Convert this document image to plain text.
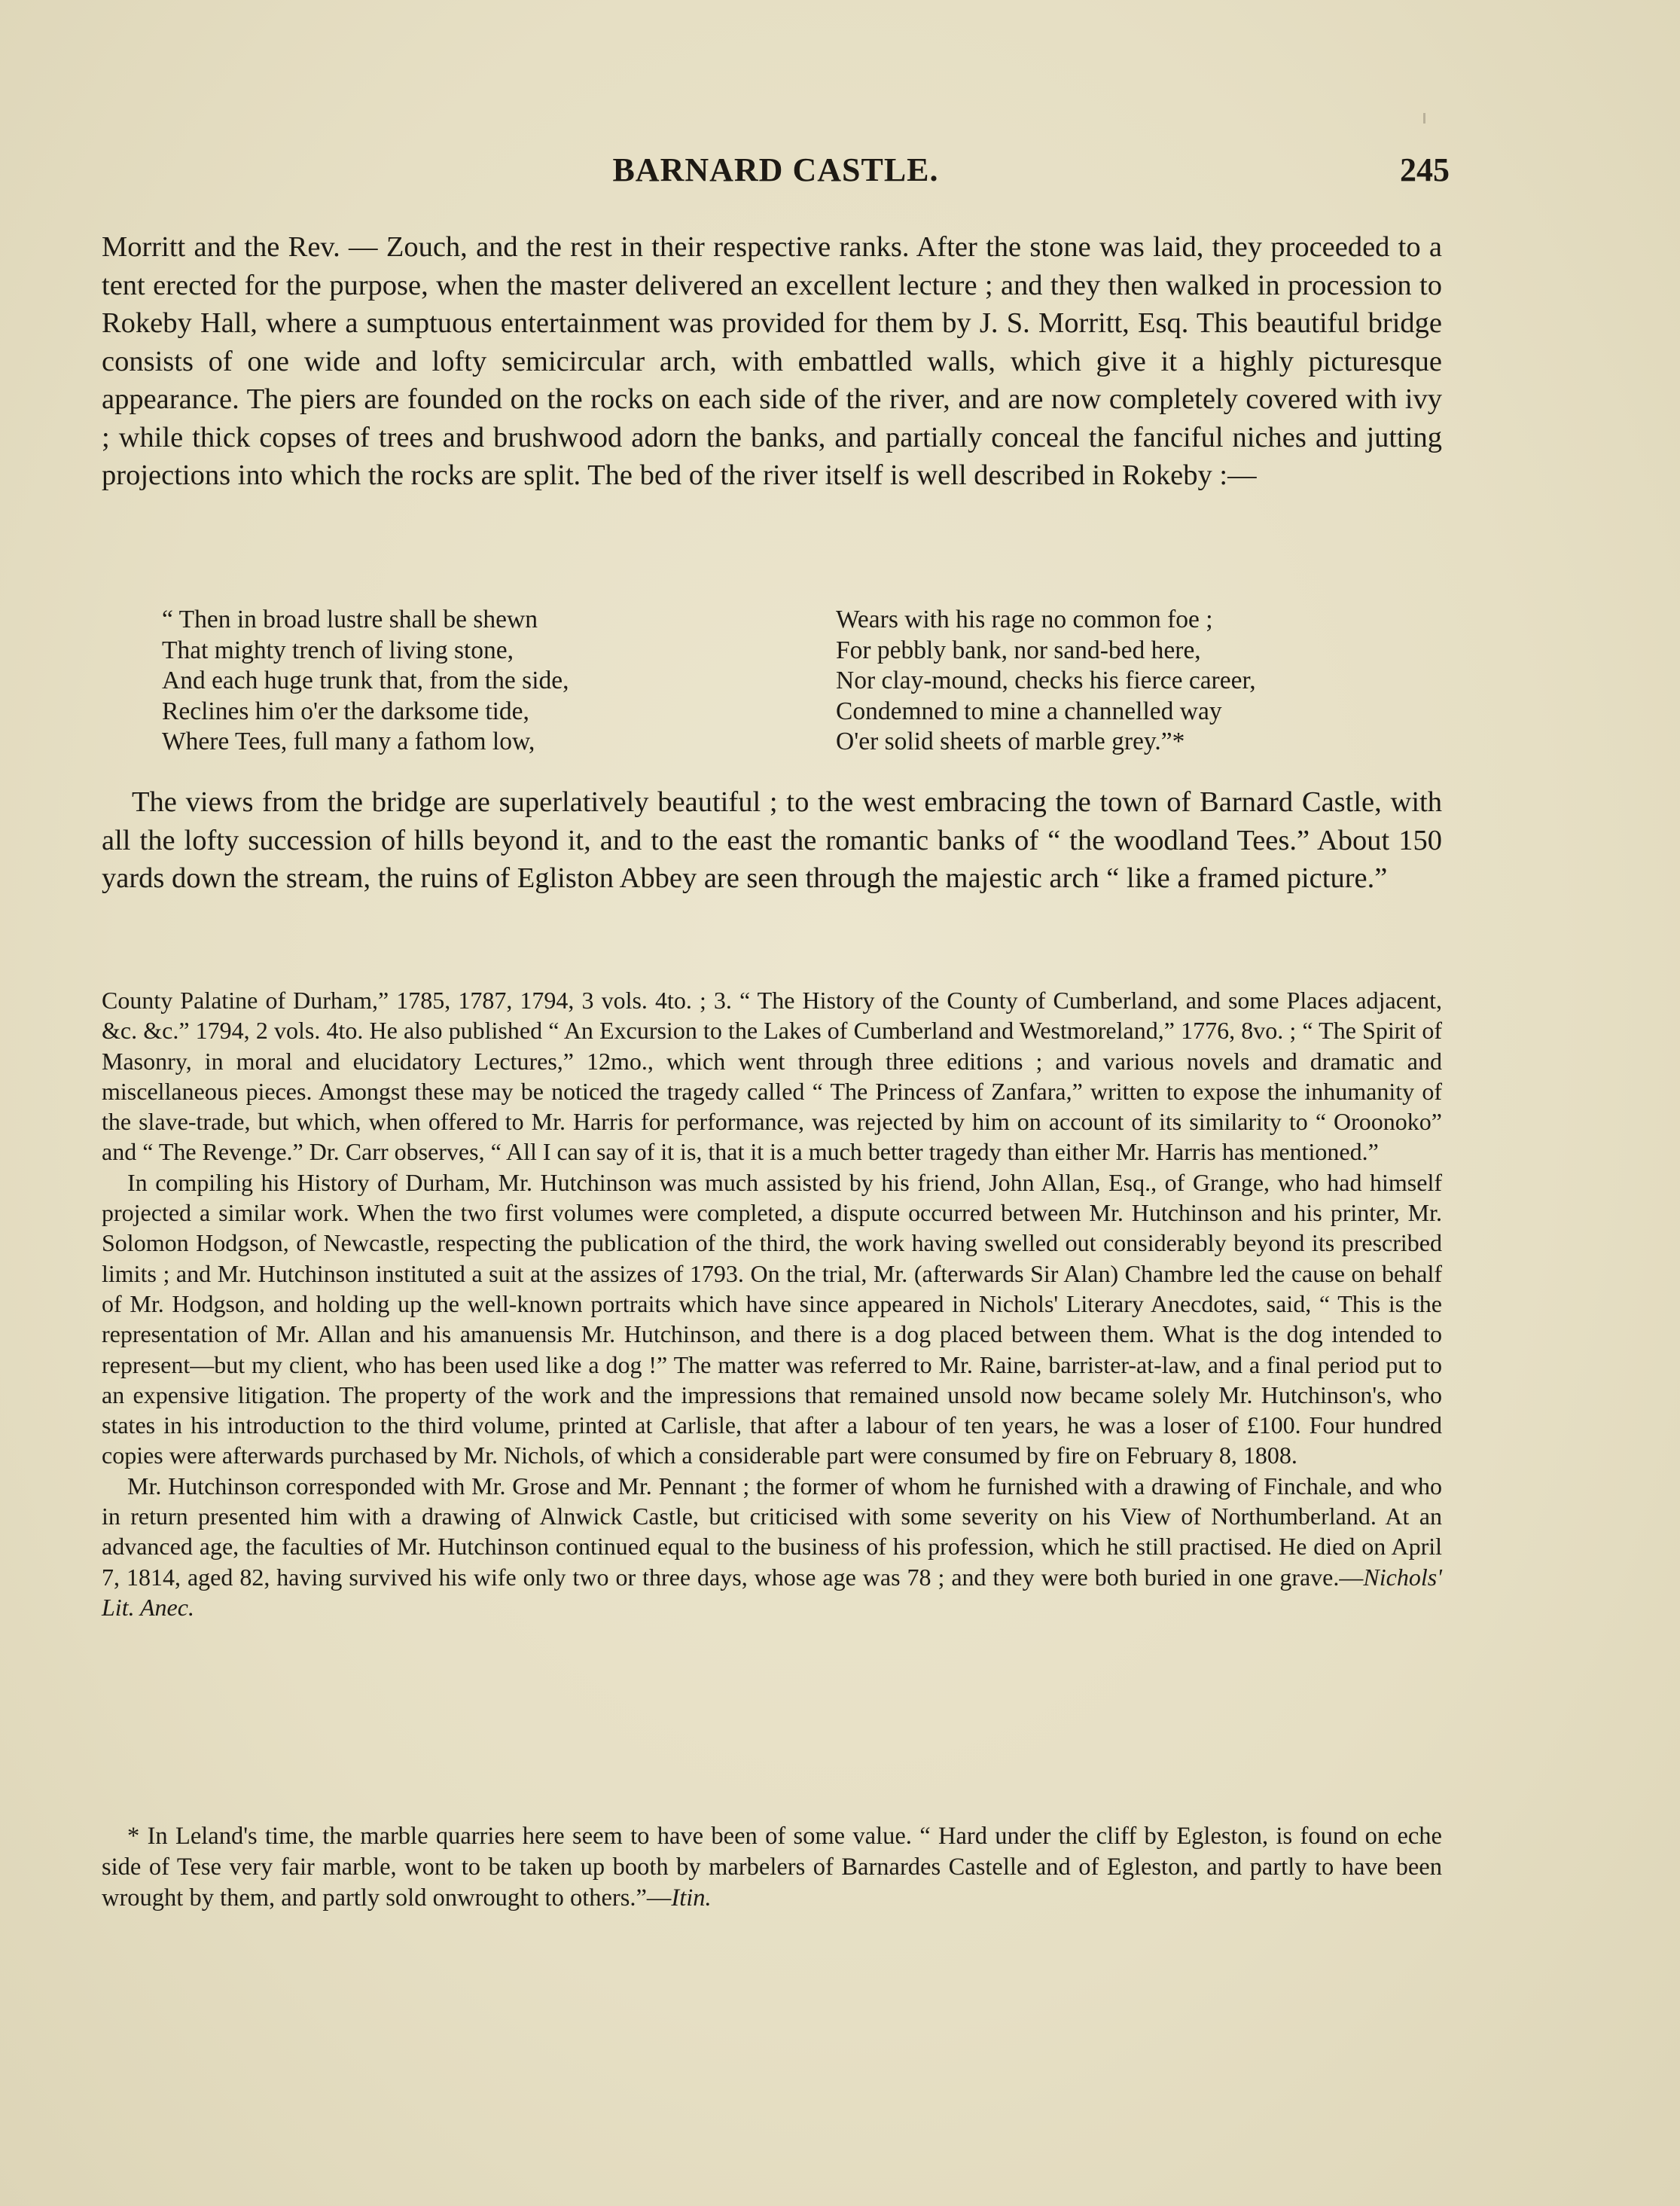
BARNARD CASTLE.	245

Morritt and the Rev. — Zouch, and the rest in their respective ranks. After the stone was laid, they proceeded to a tent erected for the purpose, when the master delivered an excellent lecture ; and they then walked in procession to Rokeby Hall, where a sumptuous entertainment was provided for them by J. S. Morritt, Esq. This beautiful bridge consists of one wide and lofty semicircular arch, with embattled walls, which give it a highly picturesque appearance. The piers are founded on the rocks on each side of the river, and are now completely covered with ivy ; while thick copses of trees and brushwood adorn the banks, and partially conceal the fanciful niches and jutting projections into which the rocks are split. The bed of the river itself is well described in Rokeby :—

“ Then in broad lustre shall be shewn
That mighty trench of living stone,
And each huge trunk that, from the side,
Reclines him o'er the darksome tide,
Where Tees, full many a fathom low,
Wears with his rage no common foe ;
For pebbly bank, nor sand-bed here,
Nor clay-mound, checks his fierce career,
Condemned to mine a channelled way
O'er solid sheets of marble grey.”*

The views from the bridge are superlatively beautiful ; to the west embracing the town of Barnard Castle, with all the lofty succession of hills beyond it, and to the east the romantic banks of “ the woodland Tees.” About 150 yards down the stream, the ruins of Egliston Abbey are seen through the majestic arch “ like a framed picture.”

County Palatine of Durham,” 1785, 1787, 1794, 3 vols. 4to. ; 3. “ The History of the County of Cumberland, and some Places adjacent, &c. &c.” 1794, 2 vols. 4to. He also published “ An Excursion to the Lakes of Cumberland and Westmoreland,” 1776, 8vo. ; “ The Spirit of Masonry, in moral and elucidatory Lectures,” 12mo., which went through three editions ; and various novels and dramatic and miscellaneous pieces. Amongst these may be noticed the tragedy called “ The Princess of Zanfara,” written to expose the inhumanity of the slave-trade, but which, when offered to Mr. Harris for performance, was rejected by him on account of its similarity to “ Oroonoko” and “ The Revenge.” Dr. Carr observes, “ All I can say of it is, that it is a much better tragedy than either Mr. Harris has mentioned.”

In compiling his History of Durham, Mr. Hutchinson was much assisted by his friend, John Allan, Esq., of Grange, who had himself projected a similar work. When the two first volumes were completed, a dispute occurred between Mr. Hutchinson and his printer, Mr. Solomon Hodgson, of Newcastle, respecting the publication of the third, the work having swelled out considerably beyond its prescribed limits ; and Mr. Hutchinson instituted a suit at the assizes of 1793. On the trial, Mr. (afterwards Sir Alan) Chambre led the cause on behalf of Mr. Hodgson, and holding up the well-known portraits which have since appeared in Nichols' Literary Anecdotes, said, “ This is the representation of Mr. Allan and his amanuensis Mr. Hutchinson, and there is a dog placed between them. What is the dog intended to represent—but my client, who has been used like a dog !” The matter was referred to Mr. Raine, barrister-at-law, and a final period put to an expensive litigation. The property of the work and the impressions that remained unsold now became solely Mr. Hutchinson's, who states in his introduction to the third volume, printed at Carlisle, that after a labour of ten years, he was a loser of £100. Four hundred copies were afterwards purchased by Mr. Nichols, of which a considerable part were consumed by fire on February 8, 1808.

Mr. Hutchinson corresponded with Mr. Grose and Mr. Pennant ; the former of whom he furnished with a drawing of Finchale, and who in return presented him with a drawing of Alnwick Castle, but criticised with some severity on his View of Northumberland. At an advanced age, the faculties of Mr. Hutchinson continued equal to the business of his profession, which he still practised. He died on April 7, 1814, aged 82, having survived his wife only two or three days, whose age was 78 ; and they were both buried in one grave.—Nichols' Lit. Anec.

* In Leland's time, the marble quarries here seem to have been of some value. “ Hard under the cliff by Egleston, is found on eche side of Tese very fair marble, wont to be taken up booth by marbelers of Barnardes Castelle and of Egleston, and partly to have been wrought by them, and partly sold onwrought to others.”—Itin.
